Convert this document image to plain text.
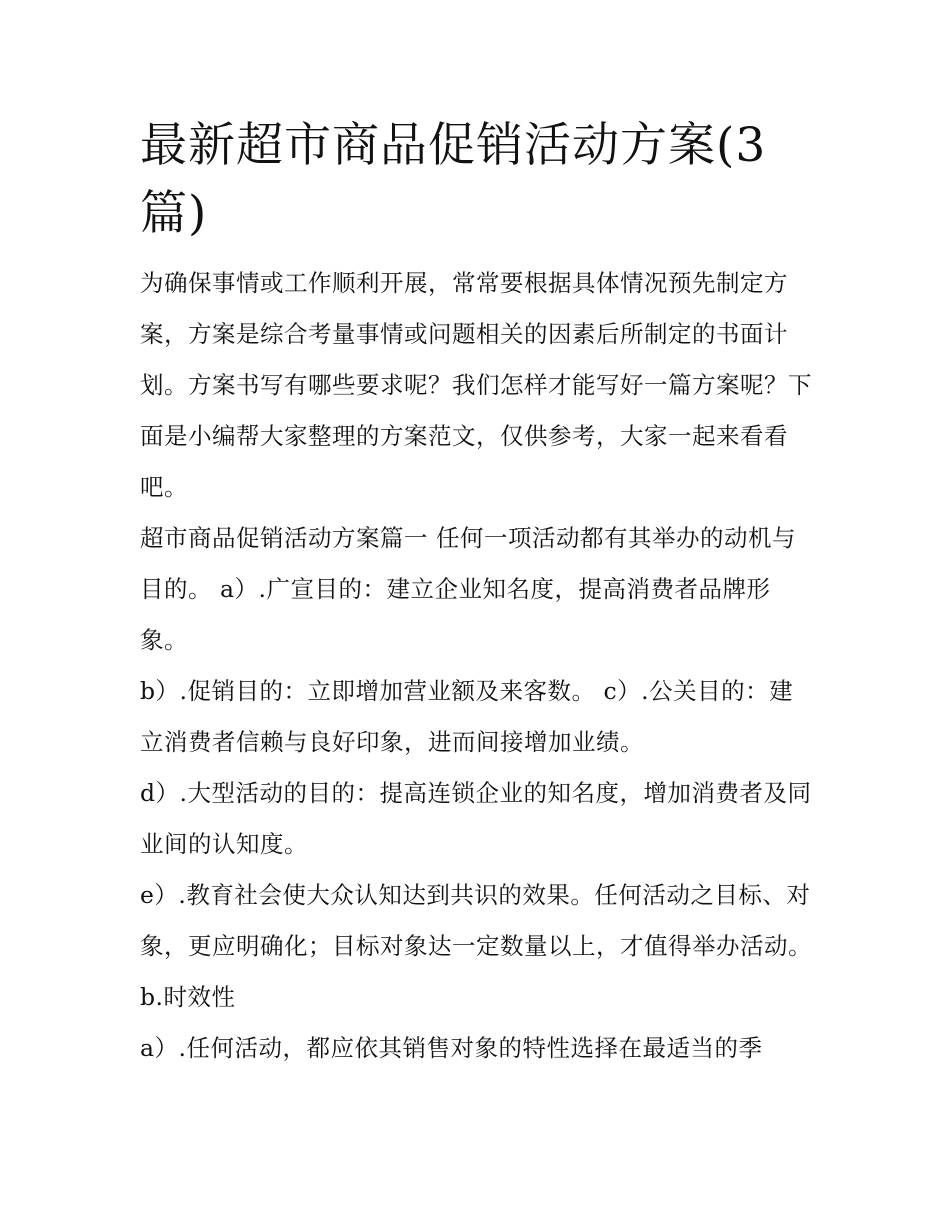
最新超市商品促销活动方案(3篇)

为确保事情或工作顺利开展，常常要根据具体情况预先制定方案，方案是综合考量事情或问题相关的因素后所制定的书面计划。方案书写有哪些要求呢？我们怎样才能写好一篇方案呢？下面是小编帮大家整理的方案范文，仅供参考，大家一起来看看吧。

超市商品促销活动方案篇一 任何一项活动都有其举办的动机与目的。 a）.广宣目的：建立企业知名度，提高消费者品牌形象。

b）.促销目的：立即增加营业额及来客数。 c）.公关目的：建立消费者信赖与良好印象，进而间接增加业绩。

d）.大型活动的目的：提高连锁企业的知名度，增加消费者及同业间的认知度。

e）.教育社会使大众认知达到共识的效果。任何活动之目标、对象，更应明确化；目标对象达一定数量以上，才值得举办活动。 b.时效性

a）.任何活动，都应依其销售对象的特性选择在最适当的季
